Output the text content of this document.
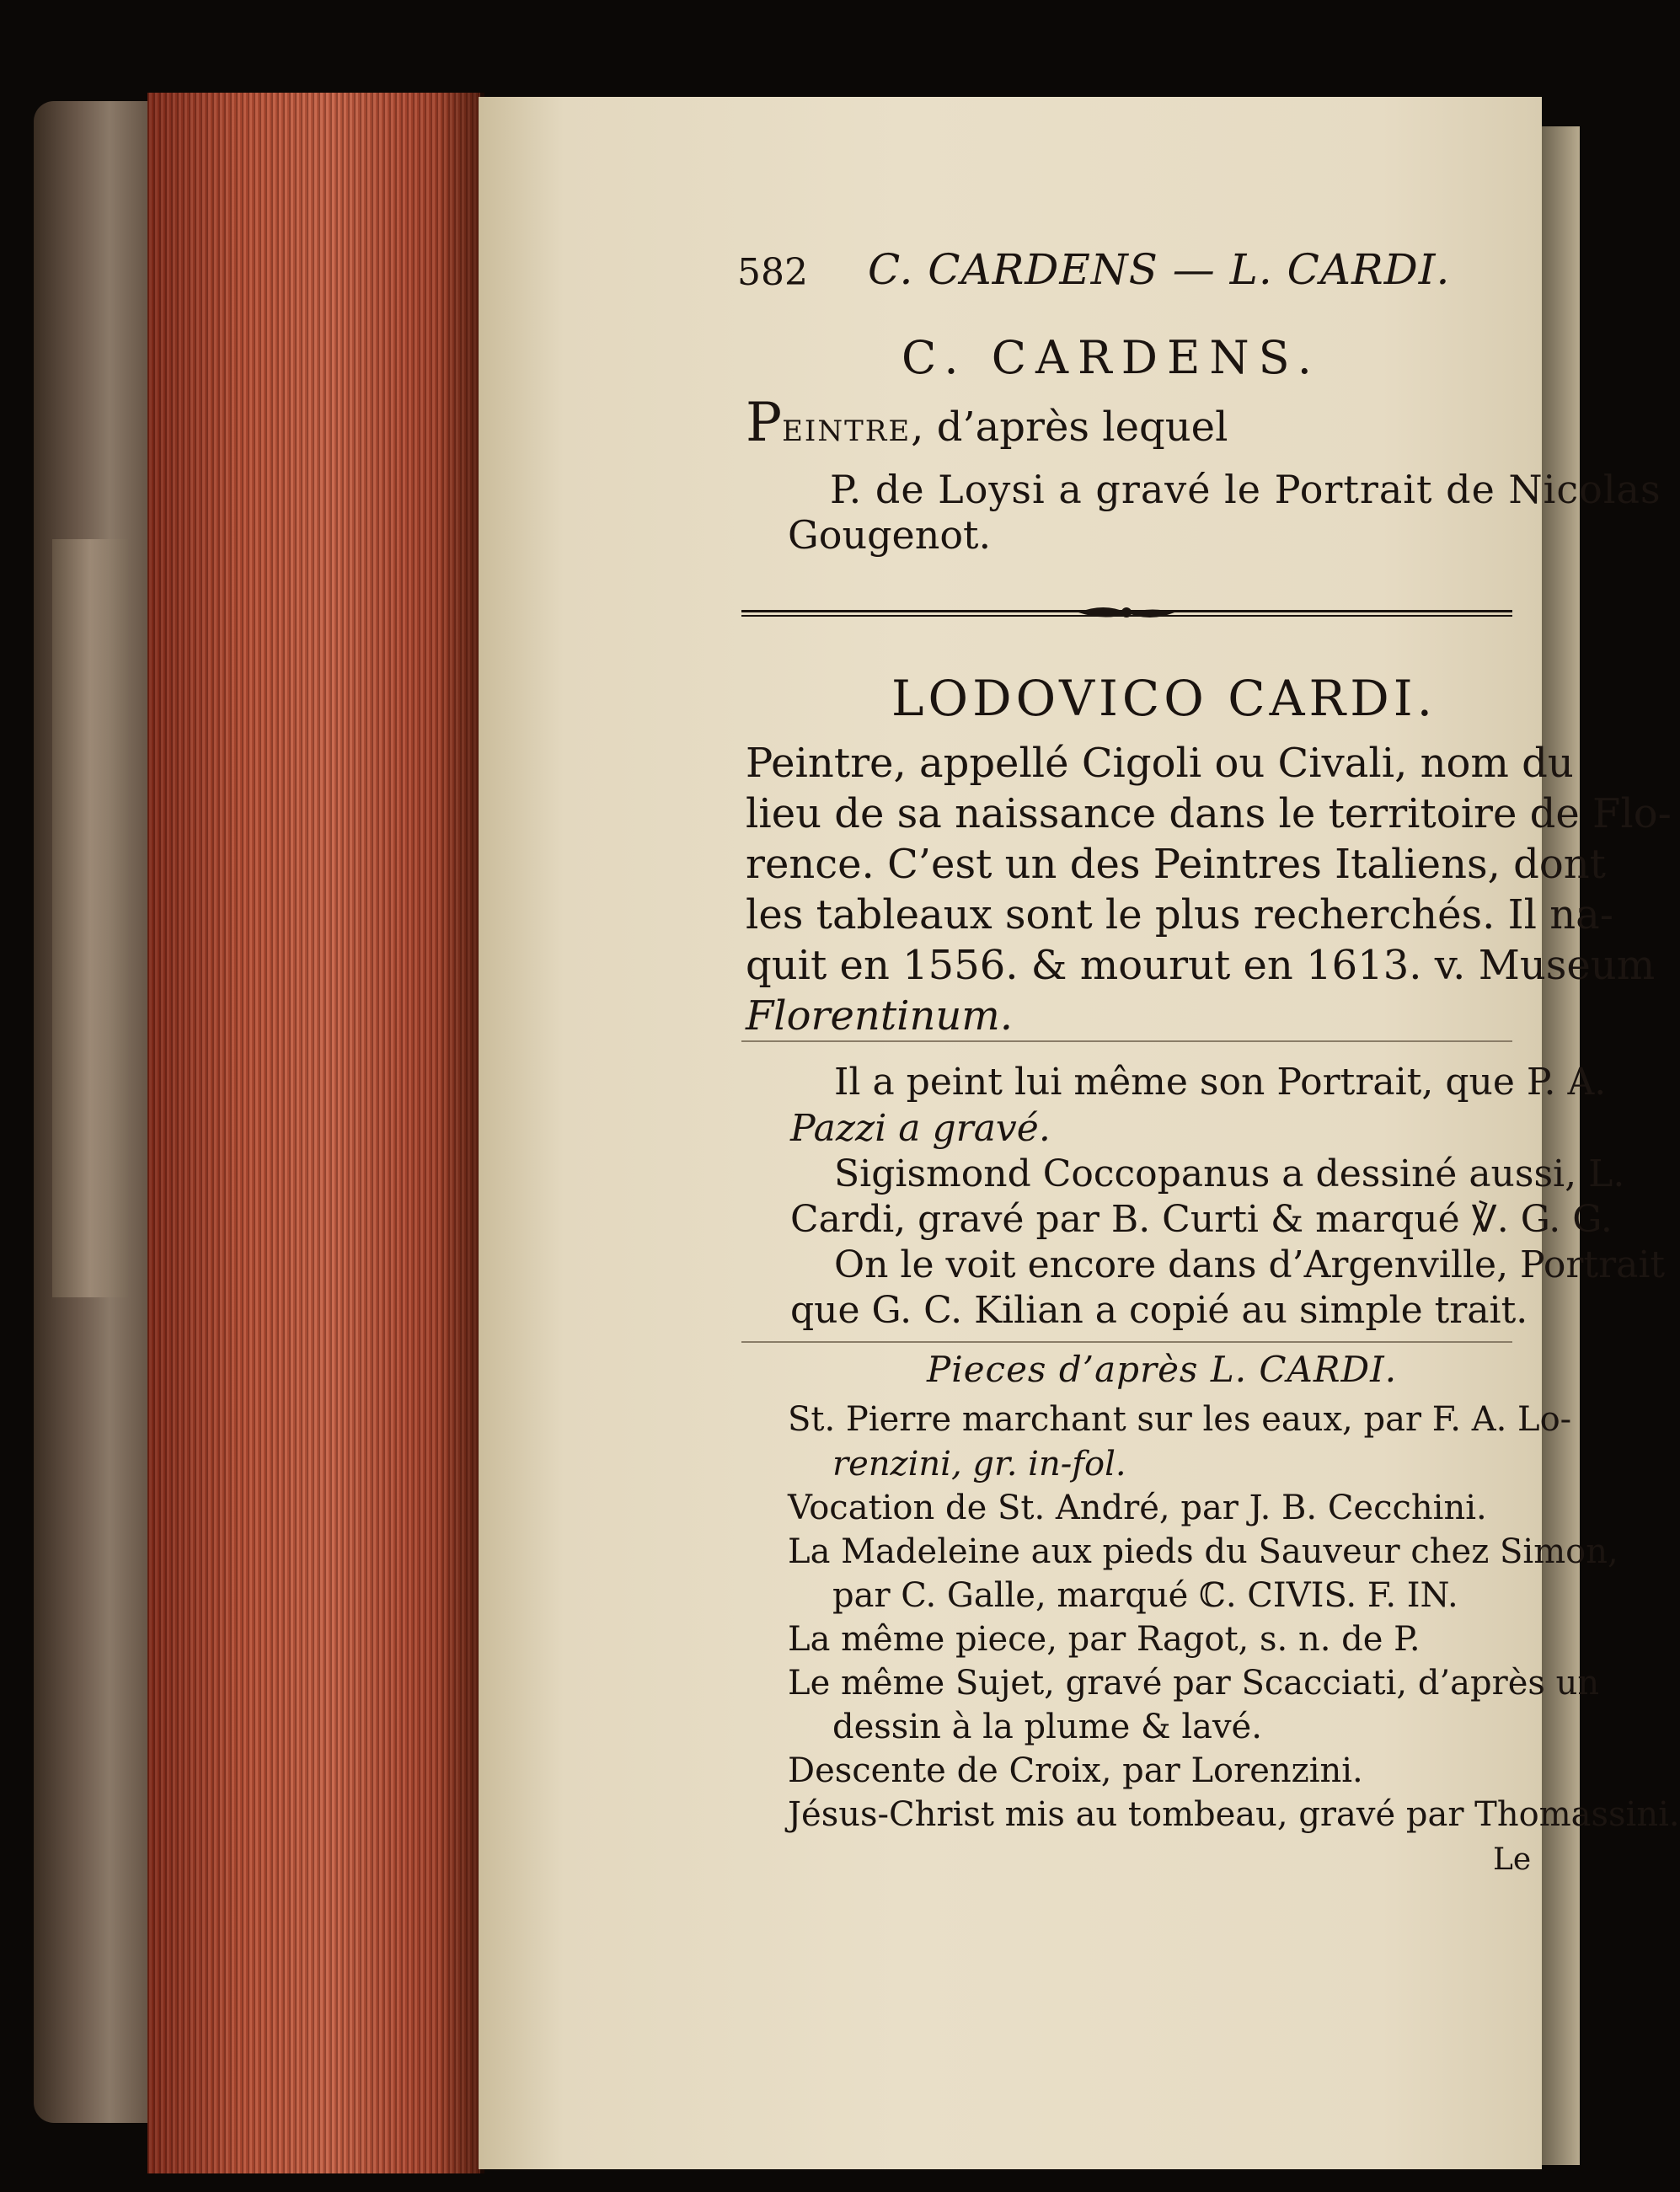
582 C. CARDENS — L. CARDI.
C. CARDENS.
Peintre, d’après lequel
P. de Loysi a gravé le Portrait de Nicolas
Gougenot.
LODOVICO CARDI.
Peintre, appellé Cigoli ou Civali, nom du
lieu de sa naissance dans le territoire de Flo-
rence. C’est un des Peintres Italiens, dont
les tableaux sont le plus recherchés. Il na-
quit en 1556. & mourut en 1613. v. Museum
Florentinum.
Il a peint lui même son Portrait, que P. A.
Pazzi a gravé.
Sigismond Coccopanus a dessiné aussi, L.
Cardi, gravé par B. Curti & marqué ℣. G. G.
On le voit encore dans d’Argenville, Portrait
que G. C. Kilian a copié au simple trait.
Pieces d’après L. CARDI.
St. Pierre marchant sur les eaux, par F. A. Lo-
renzini, gr. in-fol.
Vocation de St. André, par J. B. Cecchini.
La Madeleine aux pieds du Sauveur chez Simon,
par C. Galle, marqué ℂ. CIVIS. F. IN.
La même piece, par Ragot, s. n. de P.
Le même Sujet, gravé par Scacciati, d’après un
dessin à la plume & lavé.
Descente de Croix, par Lorenzini.
Jésus-Christ mis au tombeau, gravé par Thomassini.
Le
